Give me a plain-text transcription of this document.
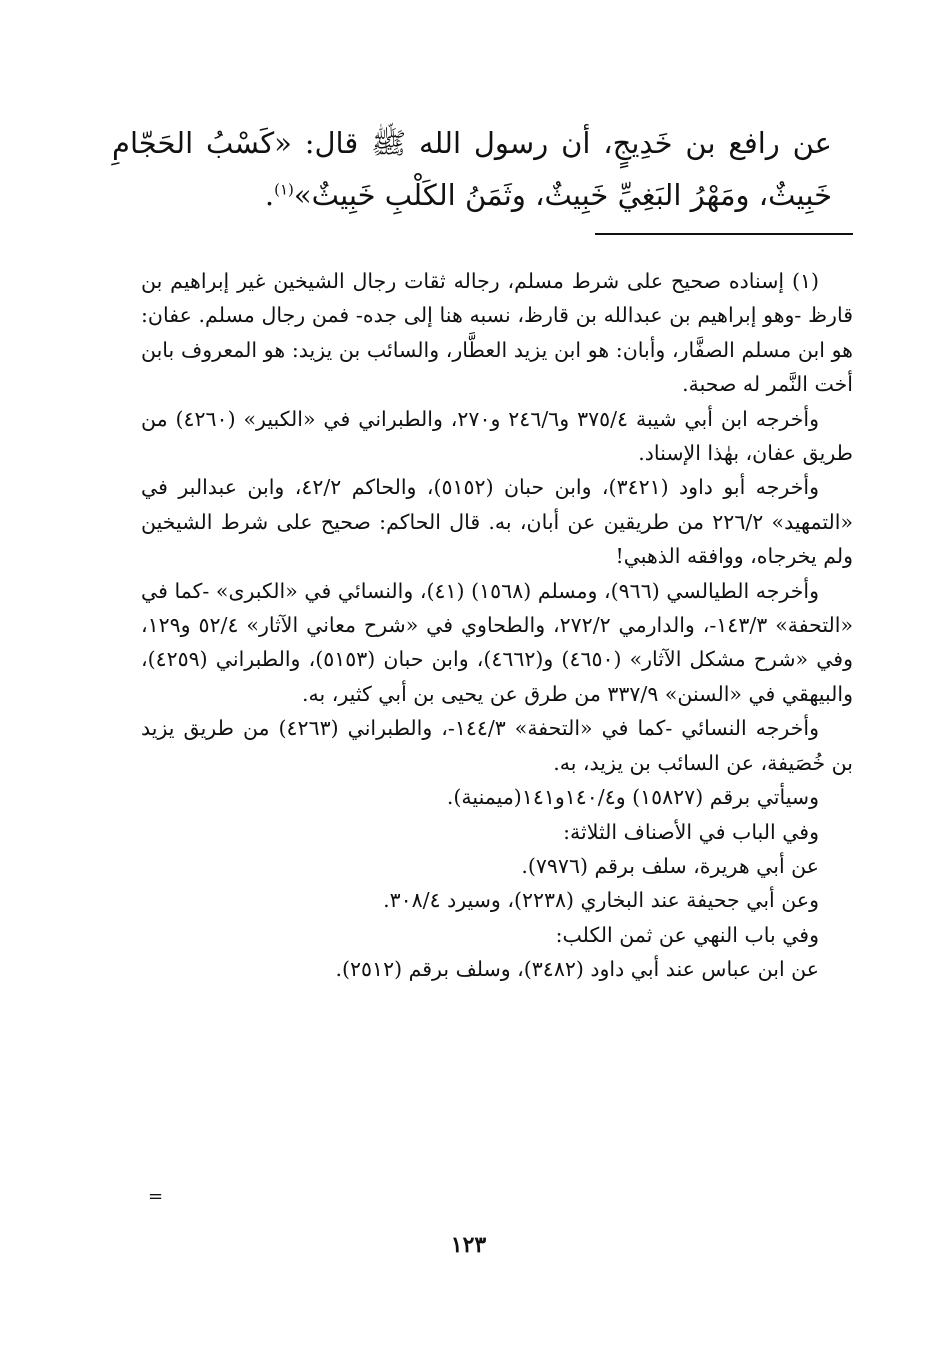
عن رافع بن خَدِيجٍ، أن رسول الله ﷺ قال: «كَسْبُ الحَجّامِ خَبِيثٌ، ومَهْرُ البَغِيِّ خَبِيثٌ، وثَمَنُ الكَلْبِ خَبِيثٌ»$^{(١)}$.

(١) إسناده صحيح على شرط مسلم، رجاله ثقات رجال الشيخين غير إبراهيم بن قارظ -وهو إبراهيم بن عبدالله بن قارظ، نسبه هنا إلى جده- فمن رجال مسلم. عفان: هو ابن مسلم الصفَّار، وأبان: هو ابن يزيد العطَّار، والسائب بن يزيد: هو المعروف بابن أخت النَّمر له صحبة.

وأخرجه ابن أبي شيبة ٣٧٥/٤ و٢٤٦/٦ و٢٧٠، والطبراني في «الكبير» (٤٢٦٠) من طريق عفان، بهٰذا الإسناد.

وأخرجه أبو داود (٣٤٢١)، وابن حبان (٥١٥٢)، والحاكم ٤٢/٢، وابن عبدالبر في «التمهيد» ٢٢٦/٢ من طريقين عن أبان، به. قال الحاكم: صحيح على شرط الشيخين ولم يخرجاه، ووافقه الذهبي!

وأخرجه الطيالسي (٩٦٦)، ومسلم (١٥٦٨) (٤١)، والنسائي في «الكبرى» -كما في «التحفة» ١٤٣/٣-، والدارمي ٢٧٢/٢، والطحاوي في «شرح معاني الآثار» ٥٢/٤ و١٢٩، وفي «شرح مشكل الآثار» (٤٦٥٠) و(٤٦٦٢)، وابن حبان (٥١٥٣)، والطبراني (٤٢٥٩)، والبيهقي في «السنن» ٣٣٧/٩ من طرق عن يحيى بن أبي كثير، به.

وأخرجه النسائي -كما في «التحفة» ١٤٤/٣-، والطبراني (٤٢٦٣) من طريق يزيد بن خُصَيفة، عن السائب بن يزيد، به.

وسيأتي برقم (١٥٨٢٧) و١٤٠/٤و١٤١(ميمنية).

وفي الباب في الأصناف الثلاثة:

عن أبي هريرة، سلف برقم (٧٩٧٦).

وعن أبي جحيفة عند البخاري (٢٢٣٨)، وسيرد ٣٠٨/٤.

وفي باب النهي عن ثمن الكلب:

عن ابن عباس عند أبي داود (٣٤٨٢)، وسلف برقم (٢٥١٢).

=
١٢٣
